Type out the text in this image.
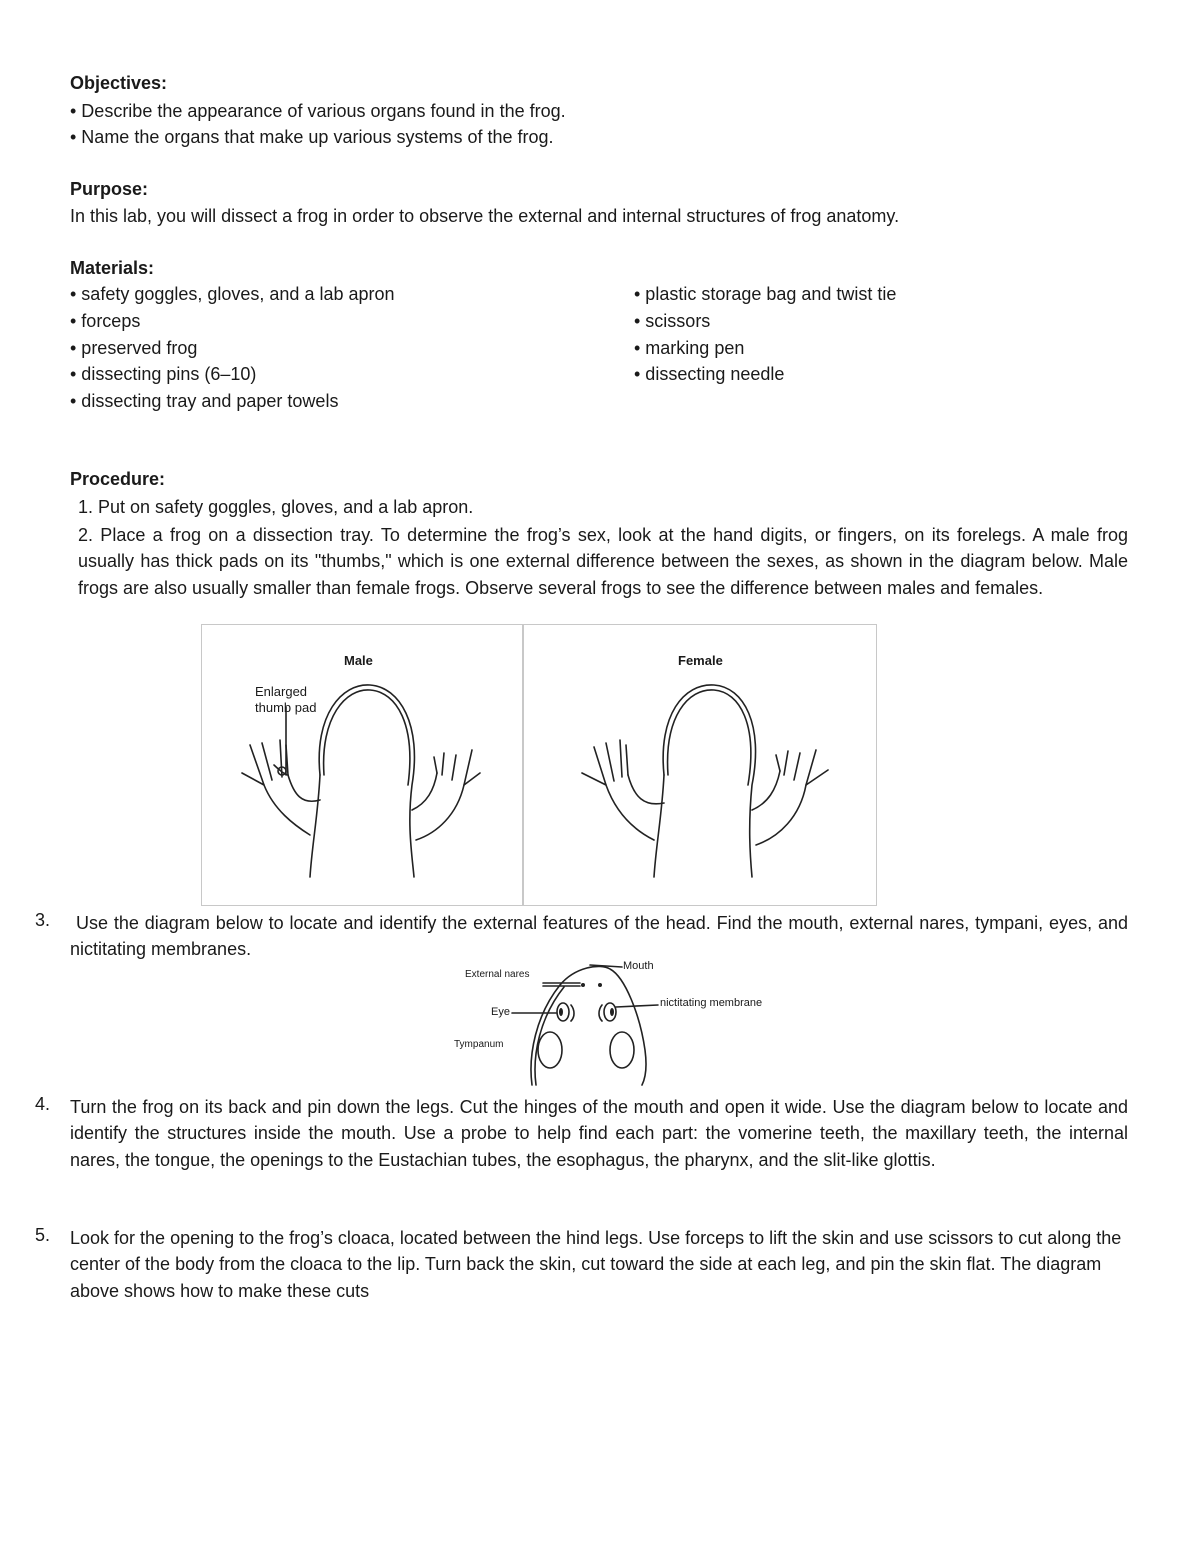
Objectives:
• Describe the appearance of various organs found in the frog.
• Name the organs that make up various systems of the frog.
Purpose:
In this lab, you will dissect a frog in order to observe the external and internal structures of frog anatomy.
Materials:
• safety goggles, gloves, and a lab apron
• forceps
• preserved frog
• dissecting pins (6–10)
• dissecting tray and paper towels
• plastic storage bag and twist tie
• scissors
• marking pen
• dissecting needle
Procedure:
1. Put on safety goggles, gloves, and a lab apron.

2. Place a frog on a dissection tray. To determine the frog’s sex, look at the hand digits, or fingers, on its forelegs. A male frog usually has thick pads on its "thumbs," which is one external difference between the sexes, as shown in the diagram below. Male frogs are also usually smaller than female frogs. Observe several frogs to see the difference between males and females.

Male
Enlarged
thumb pad
Female
3.	Use the diagram below to locate and identify the external features of the head. Find the mouth, external nares, tympani, eyes, and nictitating membranes.

External nares
Mouth
nictitating membrane
Eye
Tympanum
4. Turn the frog on its back and pin down the legs. Cut the hinges of the mouth and open it wide. Use the diagram below to locate and identify the structures inside the mouth. Use a probe to help find each part: the vomerine teeth, the maxillary teeth, the internal nares, the tongue, the openings to the Eustachian tubes, the esophagus, the pharynx, and the slit-like glottis.

5. Look for the opening to the frog’s cloaca, located between the hind legs. Use forceps to lift the skin and use scissors to cut along the center of the body from the cloaca to the lip. Turn back the skin, cut toward the side at each leg, and pin the skin flat. The diagram above shows how to make these cuts
